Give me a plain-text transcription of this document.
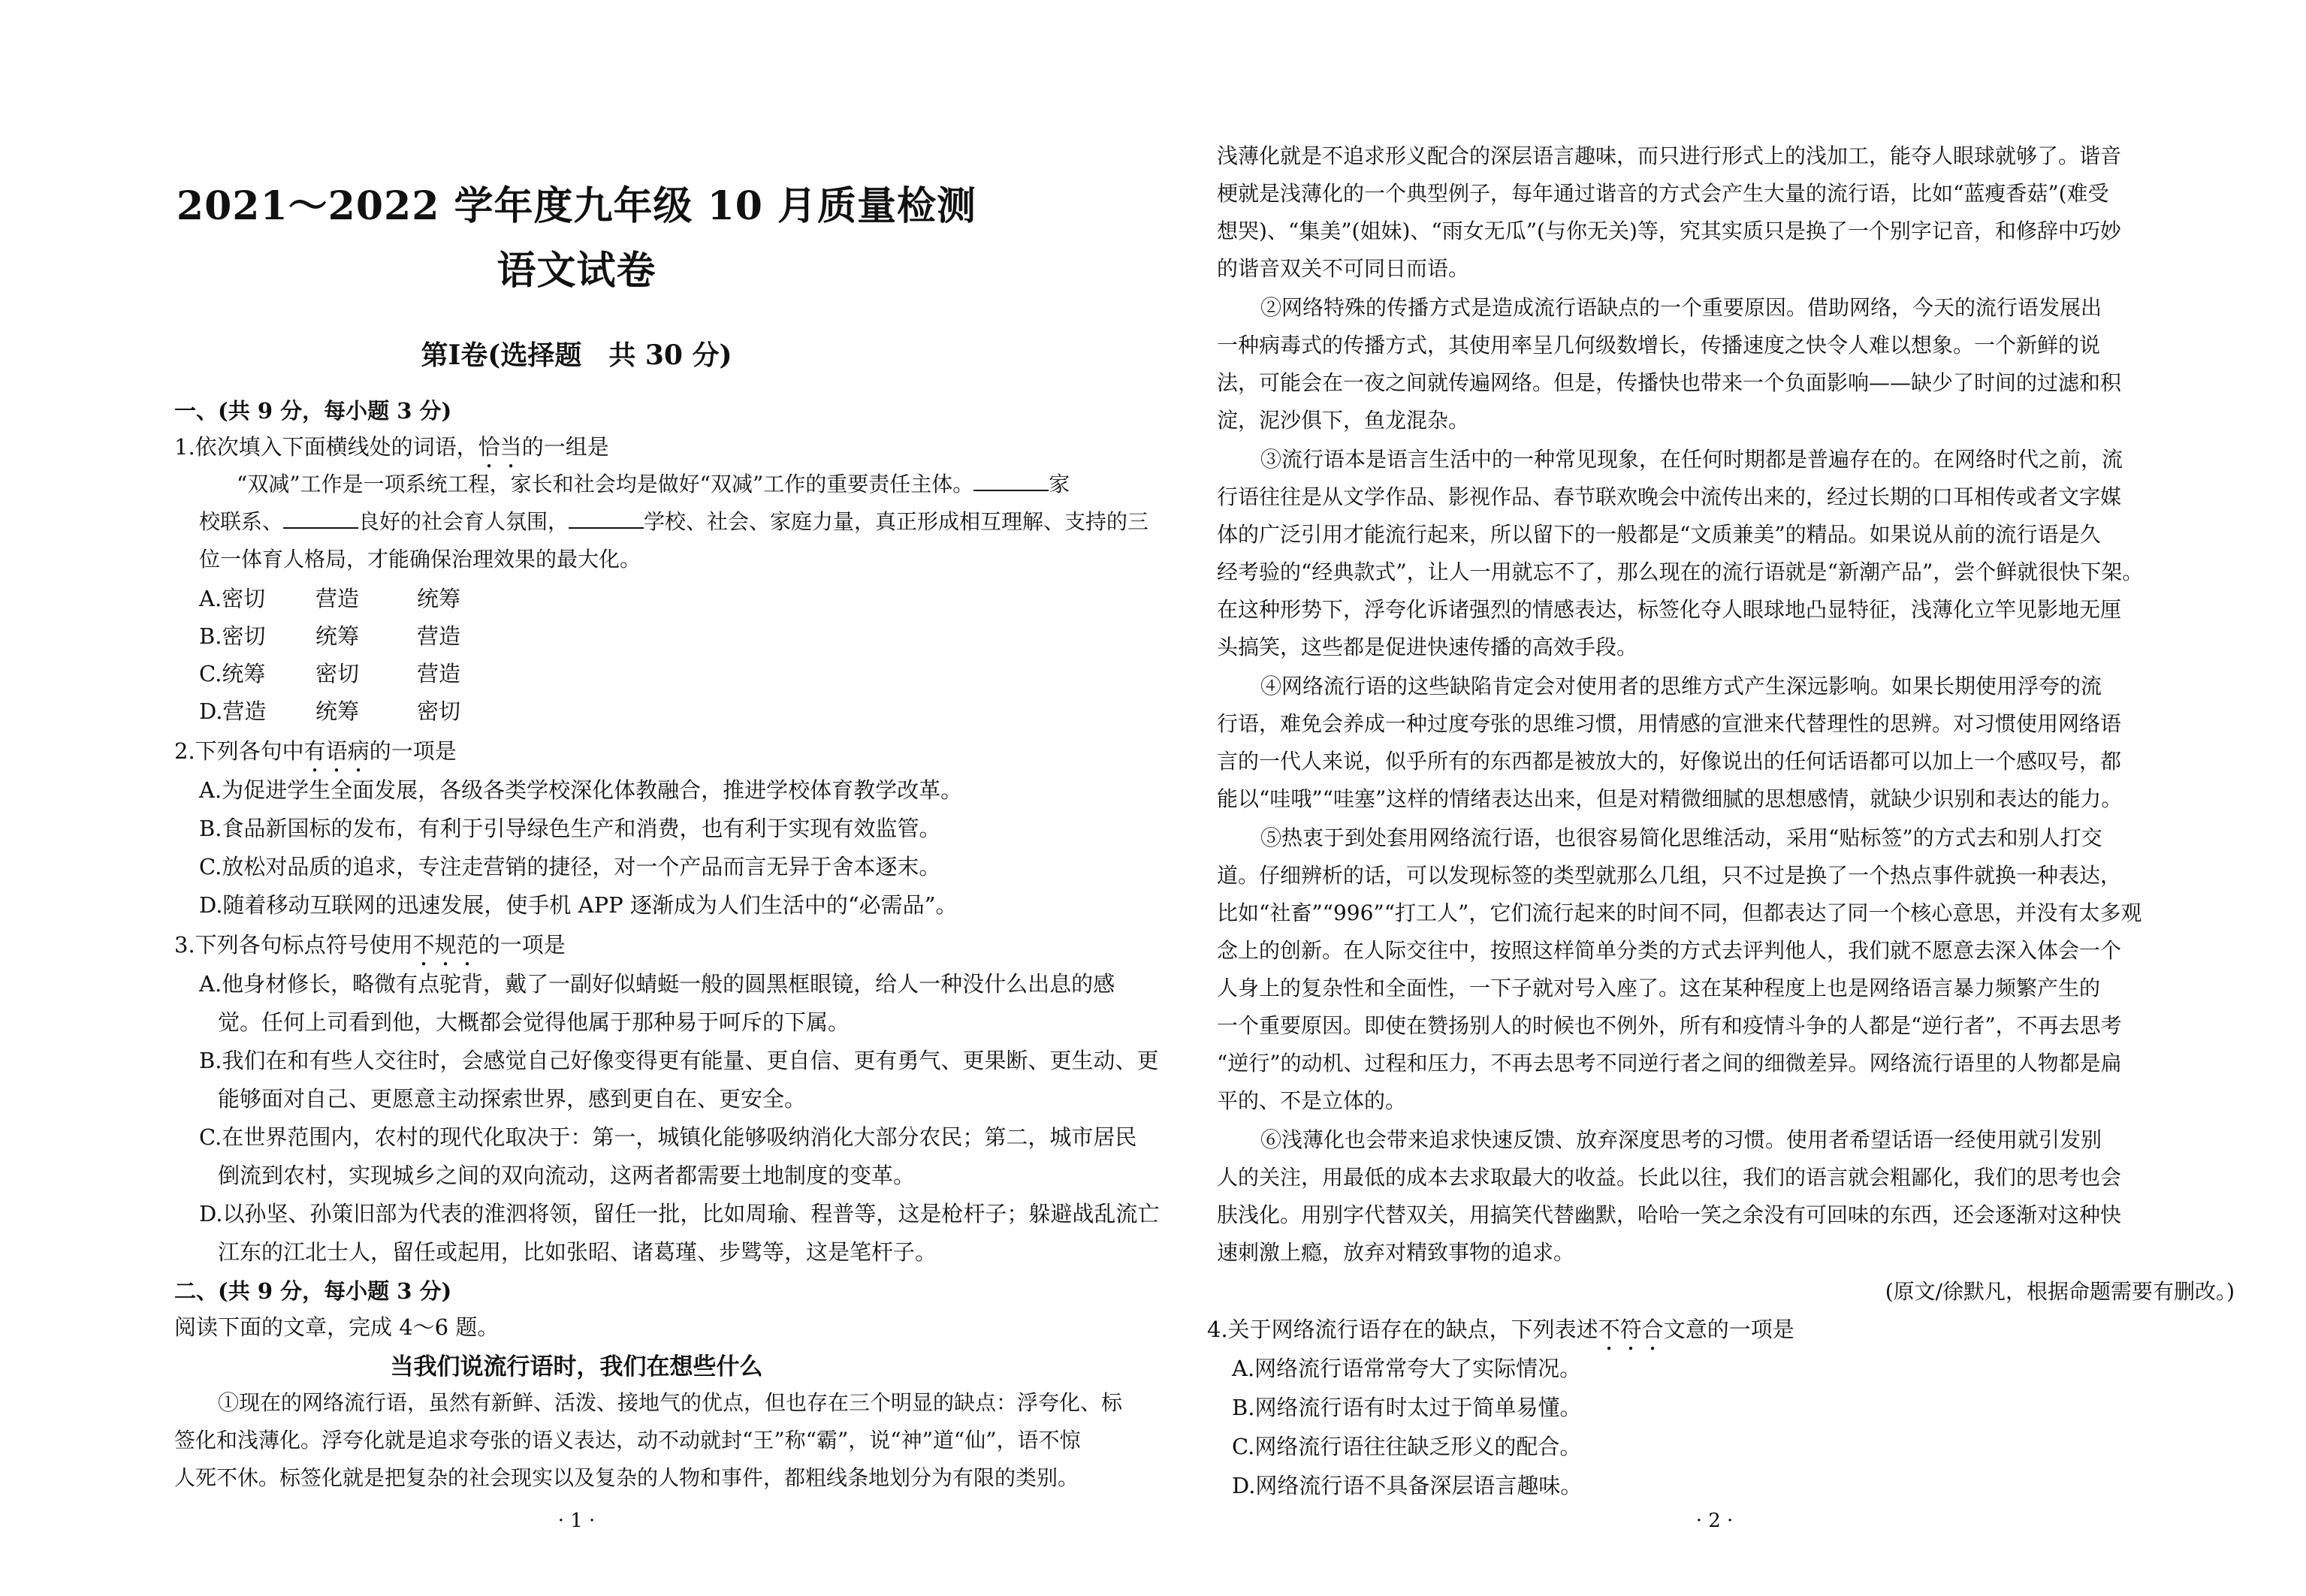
2021～2022 学年度九年级 10 月质量检测
语文试卷
第Ⅰ卷(选择题　共 30 分)
一、(共 9 分，每小题 3 分)
1.依次填入下面横线处的词语，恰当的一组是
“双减”工作是一项系统工程，家长和社会均是做好“双减”工作的重要责任主体。	家
校联系、	良好的社会育人氛围，	学校、社会、家庭力量，真正形成相互理解、支持的三
位一体育人格局，才能确保治理效果的最大化。
A.密切 营造	统筹
B.密切 统筹	营造
C.统筹 密切	营造
D.营造 统筹	密切
2.下列各句中有语病的一项是
A.为促进学生全面发展，各级各类学校深化体教融合，推进学校体育教学改革。
B.食品新国标的发布，有利于引导绿色生产和消费，也有利于实现有效监管。
C.放松对品质的追求，专注走营销的捷径，对一个产品而言无异于舍本逐末。
D.随着移动互联网的迅速发展，使手机 APP 逐渐成为人们生活中的“必需品”。
3.下列各句标点符号使用不规范的一项是
A.他身材修长，略微有点驼背，戴了一副好似蜻蜓一般的圆黑框眼镜，给人一种没什么出息的感
觉。任何上司看到他，大概都会觉得他属于那种易于呵斥的下属。
B.我们在和有些人交往时，会感觉自己好像变得更有能量、更自信、更有勇气、更果断、更生动、更
能够面对自己、更愿意主动探索世界，感到更自在、更安全。
C.在世界范围内，农村的现代化取决于：第一，城镇化能够吸纳消化大部分农民；第二，城市居民
倒流到农村，实现城乡之间的双向流动，这两者都需要土地制度的变革。
D.以孙坚、孙策旧部为代表的淮泗将领，留任一批，比如周瑜、程普等，这是枪杆子；躲避战乱流亡
江东的江北士人，留任或起用，比如张昭、诸葛瑾、步骘等，这是笔杆子。
二、(共 9 分，每小题 3 分)
阅读下面的文章，完成 4～6 题。
当我们说流行语时，我们在想些什么
①现在的网络流行语，虽然有新鲜、活泼、接地气的优点，但也存在三个明显的缺点：浮夸化、标
签化和浅薄化。浮夸化就是追求夸张的语义表达，动不动就封“王”称“霸”，说“神”道“仙”，语不惊
人死不休。标签化就是把复杂的社会现实以及复杂的人物和事件，都粗线条地划分为有限的类别。
· 1 ·
浅薄化就是不追求形义配合的深层语言趣味，而只进行形式上的浅加工，能夺人眼球就够了。谐音
梗就是浅薄化的一个典型例子，每年通过谐音的方式会产生大量的流行语，比如“蓝瘦香菇”(难受
想哭)、“集美”(姐妹)、“雨女无瓜”(与你无关)等，究其实质只是换了一个别字记音，和修辞中巧妙
的谐音双关不可同日而语。
②网络特殊的传播方式是造成流行语缺点的一个重要原因。借助网络，今天的流行语发展出
一种病毒式的传播方式，其使用率呈几何级数增长，传播速度之快令人难以想象。一个新鲜的说
法，可能会在一夜之间就传遍网络。但是，传播快也带来一个负面影响——缺少了时间的过滤和积
淀，泥沙俱下，鱼龙混杂。
③流行语本是语言生活中的一种常见现象，在任何时期都是普遍存在的。在网络时代之前，流
行语往往是从文学作品、影视作品、春节联欢晚会中流传出来的，经过长期的口耳相传或者文字媒
体的广泛引用才能流行起来，所以留下的一般都是“文质兼美”的精品。如果说从前的流行语是久
经考验的“经典款式”，让人一用就忘不了，那么现在的流行语就是“新潮产品”，尝个鲜就很快下架。
在这种形势下，浮夸化诉诸强烈的情感表达，标签化夺人眼球地凸显特征，浅薄化立竿见影地无厘
头搞笑，这些都是促进快速传播的高效手段。
④网络流行语的这些缺陷肯定会对使用者的思维方式产生深远影响。如果长期使用浮夸的流
行语，难免会养成一种过度夸张的思维习惯，用情感的宣泄来代替理性的思辨。对习惯使用网络语
言的一代人来说，似乎所有的东西都是被放大的，好像说出的任何话语都可以加上一个感叹号，都
能以“哇哦”“哇塞”这样的情绪表达出来，但是对精微细腻的思想感情，就缺少识别和表达的能力。
⑤热衷于到处套用网络流行语，也很容易简化思维活动，采用“贴标签”的方式去和别人打交
道。仔细辨析的话，可以发现标签的类型就那么几组，只不过是换了一个热点事件就换一种表达，
比如“社畜”“996”“打工人”，它们流行起来的时间不同，但都表达了同一个核心意思，并没有太多观
念上的创新。在人际交往中，按照这样简单分类的方式去评判他人，我们就不愿意去深入体会一个
人身上的复杂性和全面性，一下子就对号入座了。这在某种程度上也是网络语言暴力频繁产生的
一个重要原因。即使在赞扬别人的时候也不例外，所有和疫情斗争的人都是“逆行者”，不再去思考
“逆行”的动机、过程和压力，不再去思考不同逆行者之间的细微差异。网络流行语里的人物都是扁
平的、不是立体的。
⑥浅薄化也会带来追求快速反馈、放弃深度思考的习惯。使用者希望话语一经使用就引发别
人的关注，用最低的成本去求取最大的收益。长此以往，我们的语言就会粗鄙化，我们的思考也会
肤浅化。用别字代替双关，用搞笑代替幽默，哈哈一笑之余没有可回味的东西，还会逐渐对这种快
速刺激上瘾，放弃对精致事物的追求。
(原文/徐默凡，根据命题需要有删改。)
4.关于网络流行语存在的缺点，下列表述不符合文意的一项是
A.网络流行语常常夸大了实际情况。
B.网络流行语有时太过于简单易懂。
C.网络流行语往往缺乏形义的配合。
D.网络流行语不具备深层语言趣味。
· 2 ·
